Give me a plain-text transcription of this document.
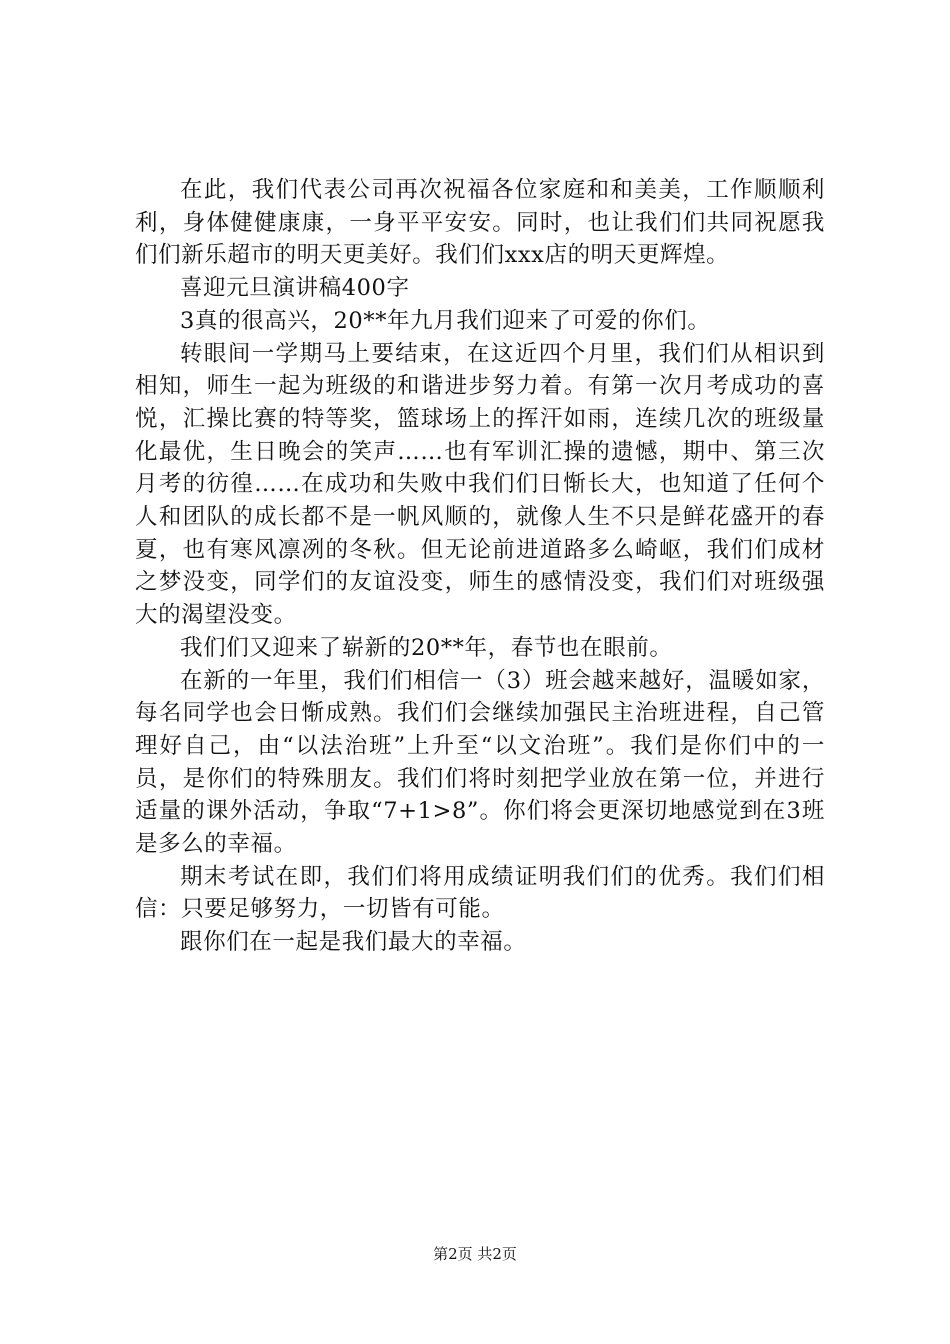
在此，我们代表公司再次祝福各位家庭和和美美，工作顺顺利利，身体健健康康，一身平平安安。同时，也让我们们共同祝愿我们们新乐超市的明天更美好。我们们xxx店的明天更辉煌。

喜迎元旦演讲稿400字

3真的很高兴，20**年九月我们迎来了可爱的你们。

转眼间一学期马上要结束，在这近四个月里，我们们从相识到相知，师生一起为班级的和谐进步努力着。有第一次月考成功的喜悦，汇操比赛的特等奖，篮球场上的挥汗如雨，连续几次的班级量化最优，生日晚会的笑声……也有军训汇操的遗憾，期中、第三次月考的彷徨……在成功和失败中我们们日惭长大，也知道了任何个人和团队的成长都不是一帆风顺的，就像人生不只是鲜花盛开的春夏，也有寒风凛冽的冬秋。但无论前进道路多么崎岖，我们们成材之梦没变，同学们的友谊没变，师生的感情没变，我们们对班级强大的渴望没变。

我们们又迎来了崭新的20**年，春节也在眼前。

在新的一年里，我们们相信一（3）班会越来越好，温暖如家，每名同学也会日惭成熟。我们们会继续加强民主治班进程，自己管理好自己，由“以法治班”上升至“以文治班”。我们是你们中的一员，是你们的特殊朋友。我们们将时刻把学业放在第一位，并进行适量的课外活动，争取“7+1>8”。你们将会更深切地感觉到在3班是多么的幸福。

期末考试在即，我们们将用成绩证明我们们的优秀。我们们相信：只要足够努力，一切皆有可能。

跟你们在一起是我们最大的幸福。

第2页 共2页
